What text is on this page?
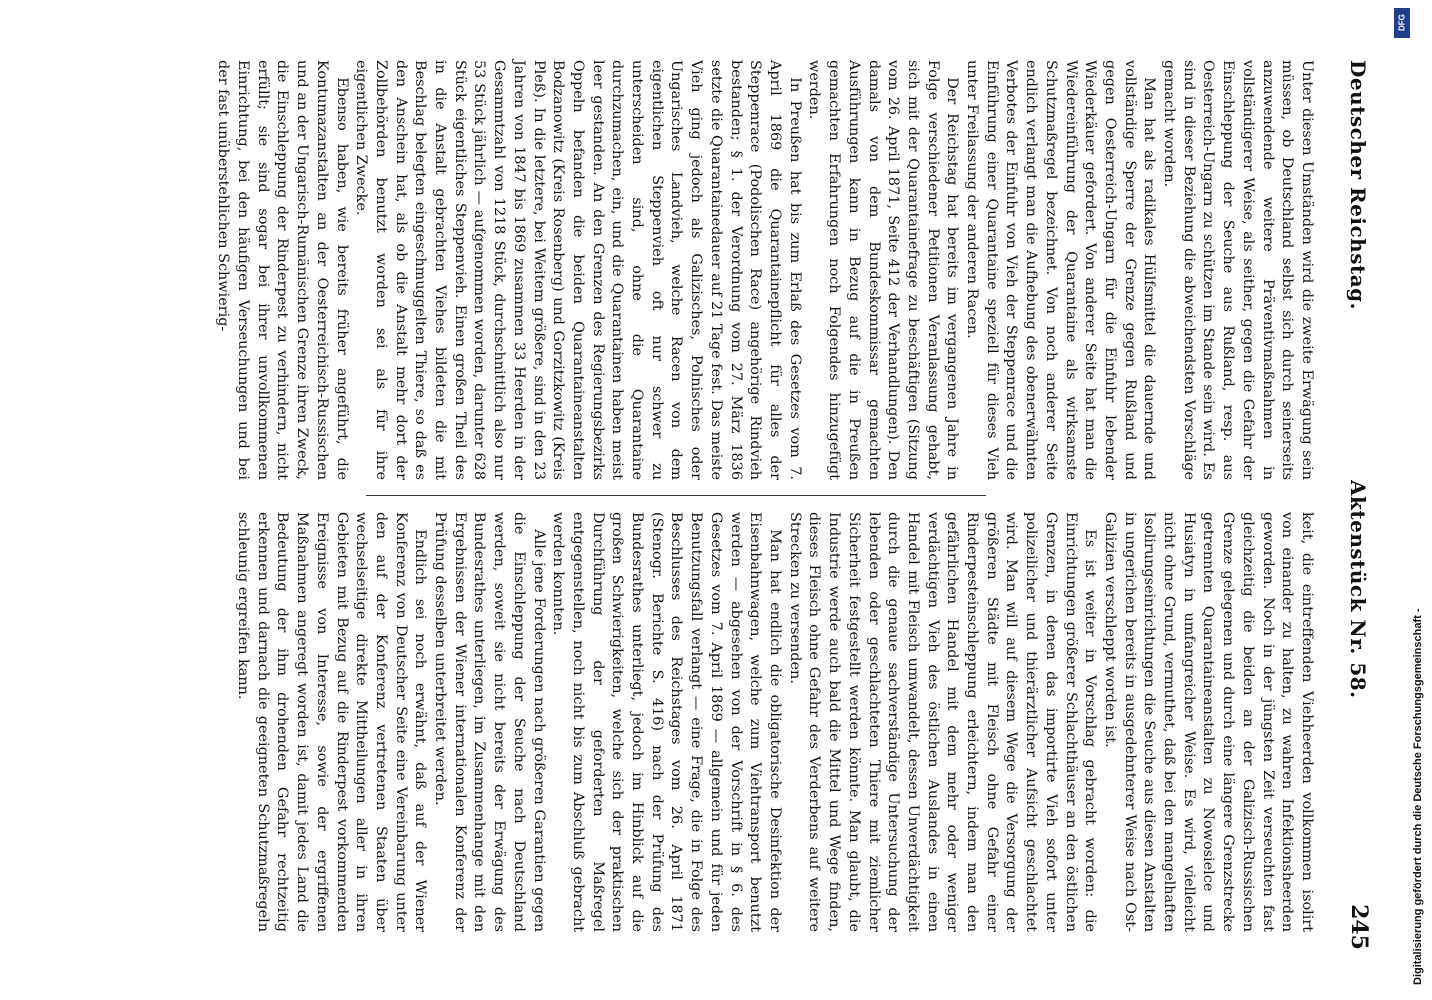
Deutscher Reichstag.
Aktenstück Nr. 58.
245

Unter diesen Umständen wird die zweite Erwägung sein müssen, ob Deutschland selbst sich durch seinerseits anzuwendende weitere Präventivmaßnahmen in vollständigerer Weise, als seither, gegen die Gefahr der Einschleppung der Seuche aus Rußland, resp. aus Oesterreich-Ungarn zu schützen im Stande sein wird. Es sind in dieser Beziehung die abweichendsten Vorschläge gemacht worden.

Man hat als radikales Hülfsmittel die dauernde und vollständige Sperre der Grenze gegen Rußland und gegen Oesterreich-Ungarn für die Einfuhr lebender Wiederkäuer gefordert. Von anderer Seite hat man die Wiedereinführung der Quarantaine als wirksamste Schutzmaßregel bezeichnet. Von noch anderer Seite endlich verlangt man die Aufhebung des obenerwähnten Verbotes der Einfuhr von Vieh der Steppenrace und die Einführung einer Quarantaine speziell für dieses Vieh unter Freilassung der anderen Racen.

Der Reichstag hat bereits im vergangenen Jahre in Folge verschiedener Petitionen Veranlassung gehabt, sich mit der Quarantainefrage zu beschäftigen (Sitzung vom 26. April 1871, Seite 412 der Verhandlungen). Den damals von dem Bundeskommissar gemachten Ausführungen kann in Bezug auf die in Preußen gemachten Erfahrungen noch Folgendes hinzugefügt werden.

In Preußen hat bis zum Erlaß des Gesetzes vom 7. April 1869 die Quarantainepflicht für alles der Steppenrace (Podolischen Race) angehörige Rindvieh bestanden; § 1. der Verordnung vom 27. März 1836 setzte die Quarantainedauer auf 21 Tage fest. Das meiste Vieh ging jedoch als Galizisches, Polnisches oder Ungarisches Landvieh, welche Racen von dem eigentlichen Steppenvieh oft nur schwer zu unterscheiden sind, ohne die Quarantaine durchzumachen, ein, und die Quarantainen haben meist leer gestanden. An den Grenzen des Regierungsbezirks Oppeln befanden die beiden Quarantaineanstalten Bodzanowitz (Kreis Rosenberg) und Gorzitzkowitz (Kreis Pleß). In die letztere, bei Weitem größere, sind in den 23 Jahren von 1847 bis 1869 zusammen 33 Heerden in der Gesammtzahl von 1218 Stück, durchschnittlich also nur 53 Stück jährlich — aufgenommen worden, darunter 628 Stück eigentliches Steppenvieh. Einen großen Theil des in die Anstalt gebrachten Viehes bildeten die mit Beschlag belegten eingeschmuggelten Thiere, so daß es den Anschein hat, als ob die Anstalt mehr dort der Zollbehörden benutzt worden sei als für ihre eigentlichen Zwecke.

Ebenso haben, wie bereits früher angeführt, die Kontumazanstalten an der Oesterreichisch-Russischen und an der Ungarisch-Rumänischen Grenze ihren Zweck, die Einschleppung der Rinderpest zu verhindern, nicht erfüllt; sie sind sogar bei ihrer unvollkommenen Einrichtung, bei den häufigen Verseuchungen und bei der fast unüberstehlichen Schwierig-

keit, die eintreffenden Viehheerden vollkommen isolirt von einander zu halten, zu wahren Infektionsheerden geworden. Noch in der jüngsten Zeit verseuchten fast gleichzeitig die beiden an der Galizisch-Russischen Grenze gelegenen und durch eine längere Grenzstrecke getrennten Quarantaineanstalten zu Nowosielce und Husiatyn in umfangreicher Weise. Es wird, vielleicht nicht ohne Grund, vermuthet, daß bei den mangelhaften Isolirungseinrichtungen die Seuche aus diesen Anstalten in ungerichen bereits in ausgedehnterer Weise nach Ost-Galizien verschleppt worden ist.

Es ist weiter in Vorschlag gebracht worden: die Einrichtungen größerer Schlachthäuser an den östlichen Grenzen, in denen das importirte Vieh sofort unter polizeilicher und thierärztlicher Aufsicht geschlachtet wird. Man will auf diesem Wege die Versorgung der größeren Städte mit Fleisch ohne Gefahr einer Rinderpesteinschleppung erleichtern, indem man den gefährlichen Handel mit dem mehr oder weniger verdächtigen Vieh des östlichen Auslandes in einen Handel mit Fleisch umwandelt, dessen Unverdächtigkeit durch die genaue sachverständige Untersuchung der lebenden oder geschlachteten Thiere mit ziemlicher Sicherheit festgestellt werden könnte. Man glaubt, die Industrie werde auch bald die Mittel und Wege finden, dieses Fleisch ohne Gefahr des Verderbens auf weitere Strecken zu versenden.

Man hat endlich die obligatorische Desinfektion der Eisenbahnwagen, welche zum Viehtransport benutzt werden — abgesehen von der Vorschrift in § 6. des Gesetzes vom 7. April 1869 — allgemein und für jeden Benutzungsfall verlangt — eine Frage, die in Folge des Beschlusses des Reichstages vom 26. April 1871 (Stenogr. Berichte S. 416) nach der Prüfung des Bundesrathes unterliegt, jedoch im Hinblick auf die großen Schwierigkeiten, welche sich der praktischen Durchführung der geforderten Maßregel entgegenstellen, noch nicht bis zum Abschluß gebracht werden konnten.

Alle jene Forderungen nach größeren Garantien gegen die Einschleppung der Seuche nach Deutschland werden, soweit sie nicht bereits der Erwägung des Bundesrathes unterliegen, im Zusammenhange mit den Ergebnissen der Wiener internationalen Konferenz der Prüfung desselben unterbreitet werden.

Endlich sei noch erwähnt, daß auf der Wiener Konferenz von Deutscher Seite eine Vereinbarung unter den auf der Konferenz vertretenen Staaten über wechselseitige direkte Mittheilungen aller in ihren Gebieten mit Bezug auf die Rinderpest vorkommenden Ereignisse von Interesse, sowie der ergriffenen Maßnahmen angeregt worden ist, damit jedes Land die Bedeutung der ihm drohenden Gefahr rechtzeitig erkennen und darnach die geeigneten Schutzmaßregeln schleunig ergreifen kann.

DFG
Digitalisierung gefördert durch die Deutsche Forschungsgemeinschaft -
